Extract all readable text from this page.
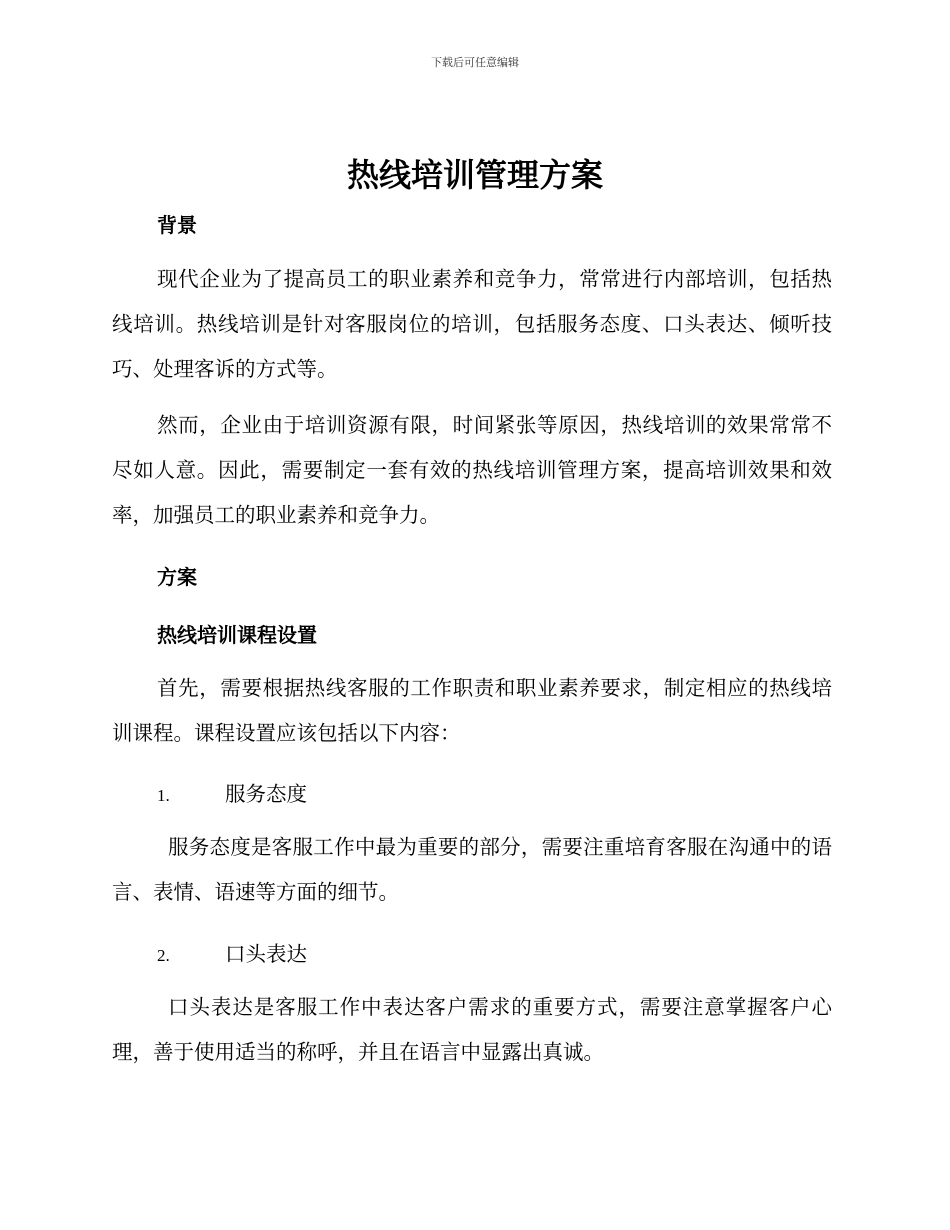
下载后可任意编辑
热线培训管理方案
背景

现代企业为了提高员工的职业素养和竞争力，常常进行内部培训，包括热线培训。热线培训是针对客服岗位的培训，包括服务态度、口头表达、倾听技巧、处理客诉的方式等。

然而，企业由于培训资源有限，时间紧张等原因，热线培训的效果常常不尽如人意。因此，需要制定一套有效的热线培训管理方案，提高培训效果和效率，加强员工的职业素养和竞争力。

方案
热线培训课程设置

首先，需要根据热线客服的工作职责和职业素养要求，制定相应的热线培训课程。课程设置应该包括以下内容：

1.	服务态度

服务态度是客服工作中最为重要的部分，需要注重培育客服在沟通中的语言、表情、语速等方面的细节。

2.	口头表达

口头表达是客服工作中表达客户需求的重要方式，需要注意掌握客户心理，善于使用适当的称呼，并且在语言中显露出真诚。
